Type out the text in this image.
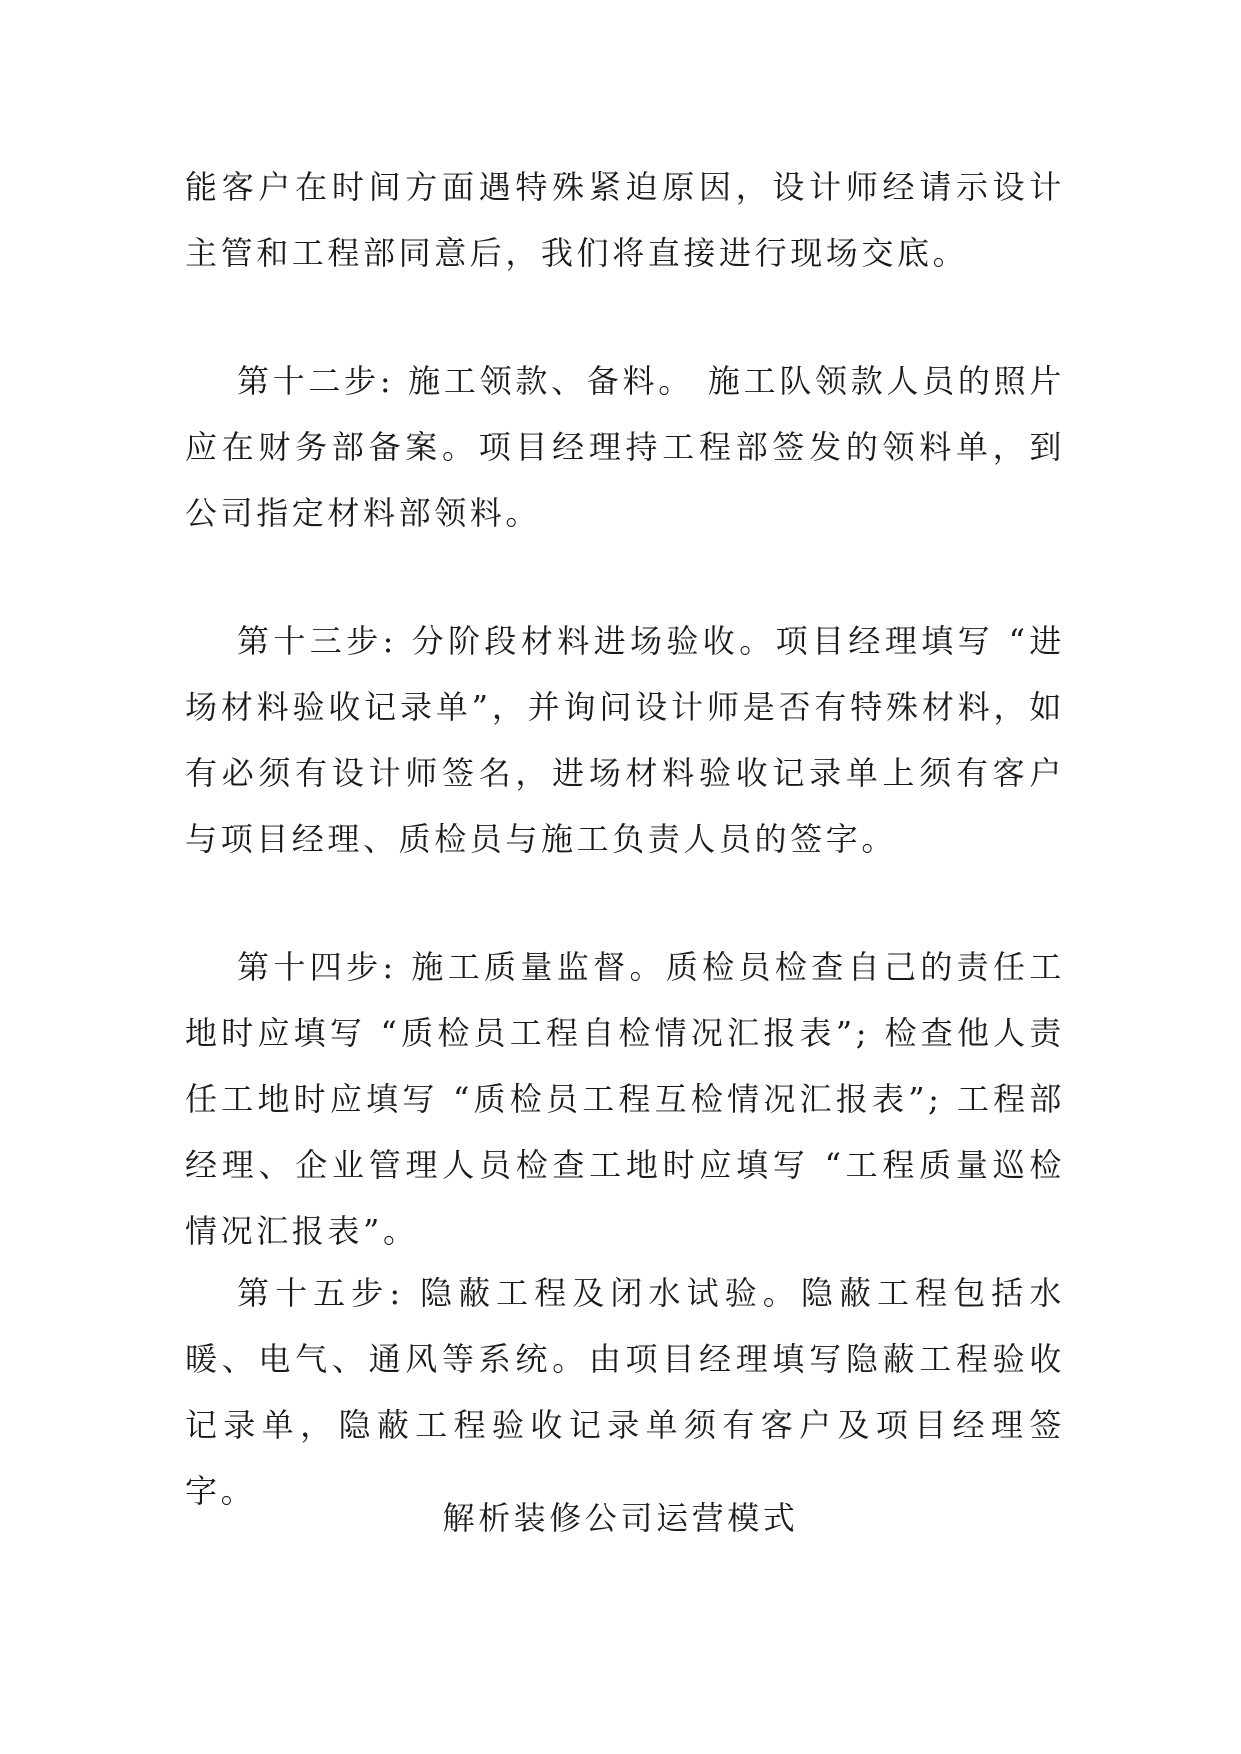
能客户在时间方面遇特殊紧迫原因，设计师经请示设计主管和工程部同意后，我们将直接进行现场交底。

第十二步: 施工领款、备料。 施工队领款人员的照片应在财务部备案。项目经理持工程部签发的领料单，到公司指定材料部领料。

第十三步: 分阶段材料进场验收。项目经理填写 “进场材料验收记录单”，并询问设计师是否有特殊材料，如有必须有设计师签名，进场材料验收记录单上须有客户与项目经理、质检员与施工负责人员的签字。

第十四步: 施工质量监督。质检员检查自己的责任工地时应填写 “质检员工程自检情况汇报表”; 检查他人责任工地时应填写 “质检员工程互检情况汇报表”; 工程部经理、企业管理人员检查工地时应填写 “工程质量巡检情况汇报表”。

第十五步: 隐蔽工程及闭水试验。隐蔽工程包括水暖、电气、通风等系统。由项目经理填写隐蔽工程验收记录单，隐蔽工程验收记录单须有客户及项目经理签字。

解析装修公司运营模式
